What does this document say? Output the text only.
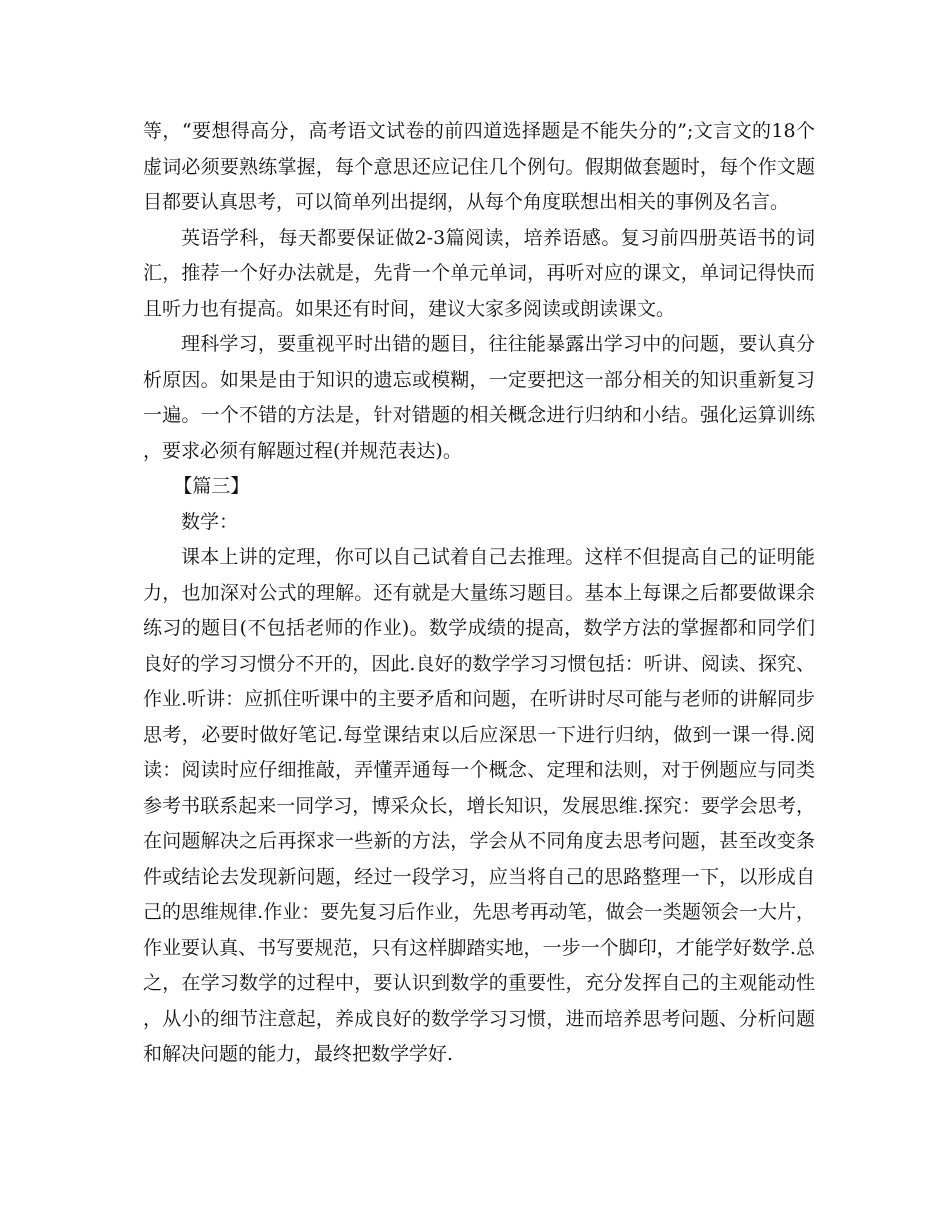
等，“要想得高分，高考语文试卷的前四道选择题是不能失分的”;文言文的18个虚词必须要熟练掌握，每个意思还应记住几个例句。假期做套题时，每个作文题目都要认真思考，可以简单列出提纲，从每个角度联想出相关的事例及名言。

英语学科，每天都要保证做2-3篇阅读，培养语感。复习前四册英语书的词汇，推荐一个好办法就是，先背一个单元单词，再听对应的课文，单词记得快而且听力也有提高。如果还有时间，建议大家多阅读或朗读课文。

理科学习，要重视平时出错的题目，往往能暴露出学习中的问题，要认真分析原因。如果是由于知识的遗忘或模糊，一定要把这一部分相关的知识重新复习一遍。一个不错的方法是，针对错题的相关概念进行归纳和小结。强化运算训练，要求必须有解题过程(并规范表达)。

【篇三】

数学：

课本上讲的定理，你可以自己试着自己去推理。这样不但提高自己的证明能力，也加深对公式的理解。还有就是大量练习题目。基本上每课之后都要做课余练习的题目(不包括老师的作业)。数学成绩的提高，数学方法的掌握都和同学们良好的学习习惯分不开的，因此.良好的数学学习习惯包括：听讲、阅读、探究、作业.听讲：应抓住听课中的主要矛盾和问题，在听讲时尽可能与老师的讲解同步思考，必要时做好笔记.每堂课结束以后应深思一下进行归纳，做到一课一得.阅读：阅读时应仔细推敲，弄懂弄通每一个概念、定理和法则，对于例题应与同类参考书联系起来一同学习，博采众长，增长知识，发展思维.探究：要学会思考，在问题解决之后再探求一些新的方法，学会从不同角度去思考问题，甚至改变条件或结论去发现新问题，经过一段学习，应当将自己的思路整理一下，以形成自己的思维规律.作业：要先复习后作业，先思考再动笔，做会一类题领会一大片，作业要认真、书写要规范，只有这样脚踏实地，一步一个脚印，才能学好数学.总之，在学习数学的过程中，要认识到数学的重要性，充分发挥自己的主观能动性，从小的细节注意起，养成良好的数学学习习惯，进而培养思考问题、分析问题和解决问题的能力，最终把数学学好.
